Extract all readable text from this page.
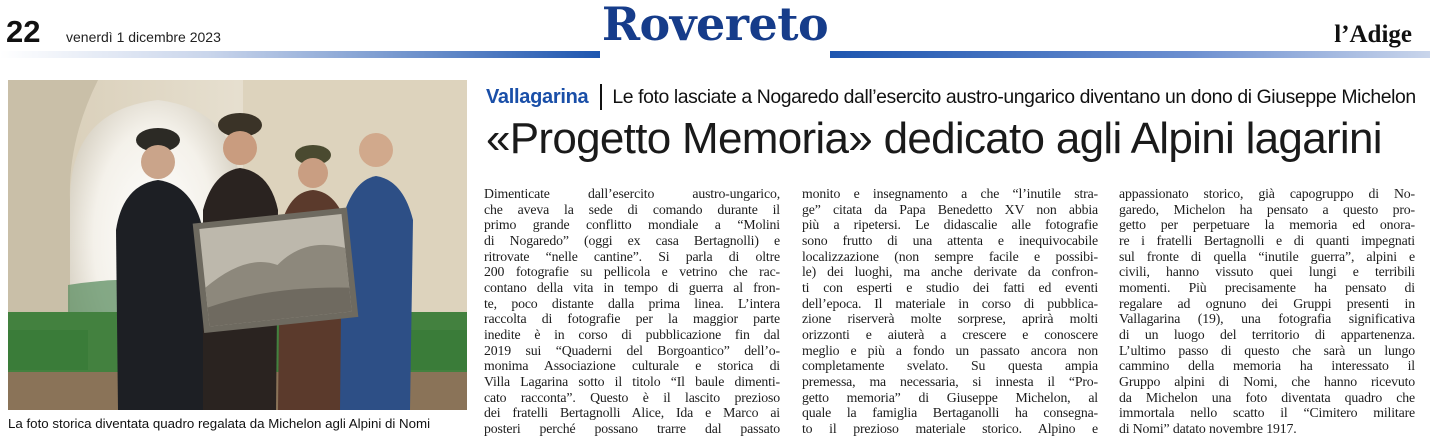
22 venerdì 1 dicembre 2023	Rovereto	l’Adige
La foto storica diventata quadro regalata da Michelon agli Alpini di Nomi
Vallagarina Le foto lasciate a Nogaredo dall’esercito austro-ungarico diventano un dono di Giuseppe Michelon
«Progetto Memoria» dedicato agli Alpini lagarini
Dimenticate dall’esercito austro-ungarico,
che aveva la sede di comando durante il
primo grande conflitto mondiale a “Molini
di Nogaredo” (oggi ex casa Bertagnolli) e
ritrovate “nelle cantine”. Si parla di oltre
200 fotografie su pellicola e vetrino che rac-
contano della vita in tempo di guerra al fron-
te, poco distante dalla prima linea. L’intera
raccolta di fotografie per la maggior parte
inedite è in corso di pubblicazione fin dal
2019 sui “Quaderni del Borgoantico” dell’o-
monima Associazione culturale e storica di
Villa Lagarina sotto il titolo “Il baule dimenti-
cato racconta”. Questo è il lascito prezioso
dei fratelli Bertagnolli Alice, Ida e Marco ai
posteri perché possano trarre dal passato
monito e insegnamento a che “l’inutile stra-
ge” citata da Papa Benedetto XV non abbia
più a ripetersi. Le didascalie alle fotografie
sono frutto di una attenta e inequivocabile
localizzazione (non sempre facile e possibi-
le) dei luoghi, ma anche derivate da confron-
ti con esperti e studio dei fatti ed eventi
dell’epoca. Il materiale in corso di pubblica-
zione riserverà molte sorprese, aprirà molti
orizzonti e aiuterà a crescere e conoscere
meglio e più a fondo un passato ancora non
completamente svelato. Su questa ampia
premessa, ma necessaria, si innesta il “Pro-
getto memoria” di Giuseppe Michelon, al
quale la famiglia Bertaganolli ha consegna-
to il prezioso materiale storico. Alpino e
appassionato storico, già capogruppo di No-
garedo, Michelon ha pensato a questo pro-
getto per perpetuare la memoria ed onora-
re i fratelli Bertagnolli e di quanti impegnati
sul fronte di quella “inutile guerra”, alpini e
civili, hanno vissuto quei lungi e terribili
momenti. Più precisamente ha pensato di
regalare ad ognuno dei Gruppi presenti in
Vallagarina (19), una fotografia significativa
di un luogo del territorio di appartenenza.
L’ultimo passo di questo che sarà un lungo
cammino della memoria ha interessato il
Gruppo alpini di Nomi, che hanno ricevuto
da Michelon una foto diventata quadro che
immortala nello scatto il “Cimitero militare
di Nomi” datato novembre 1917.
